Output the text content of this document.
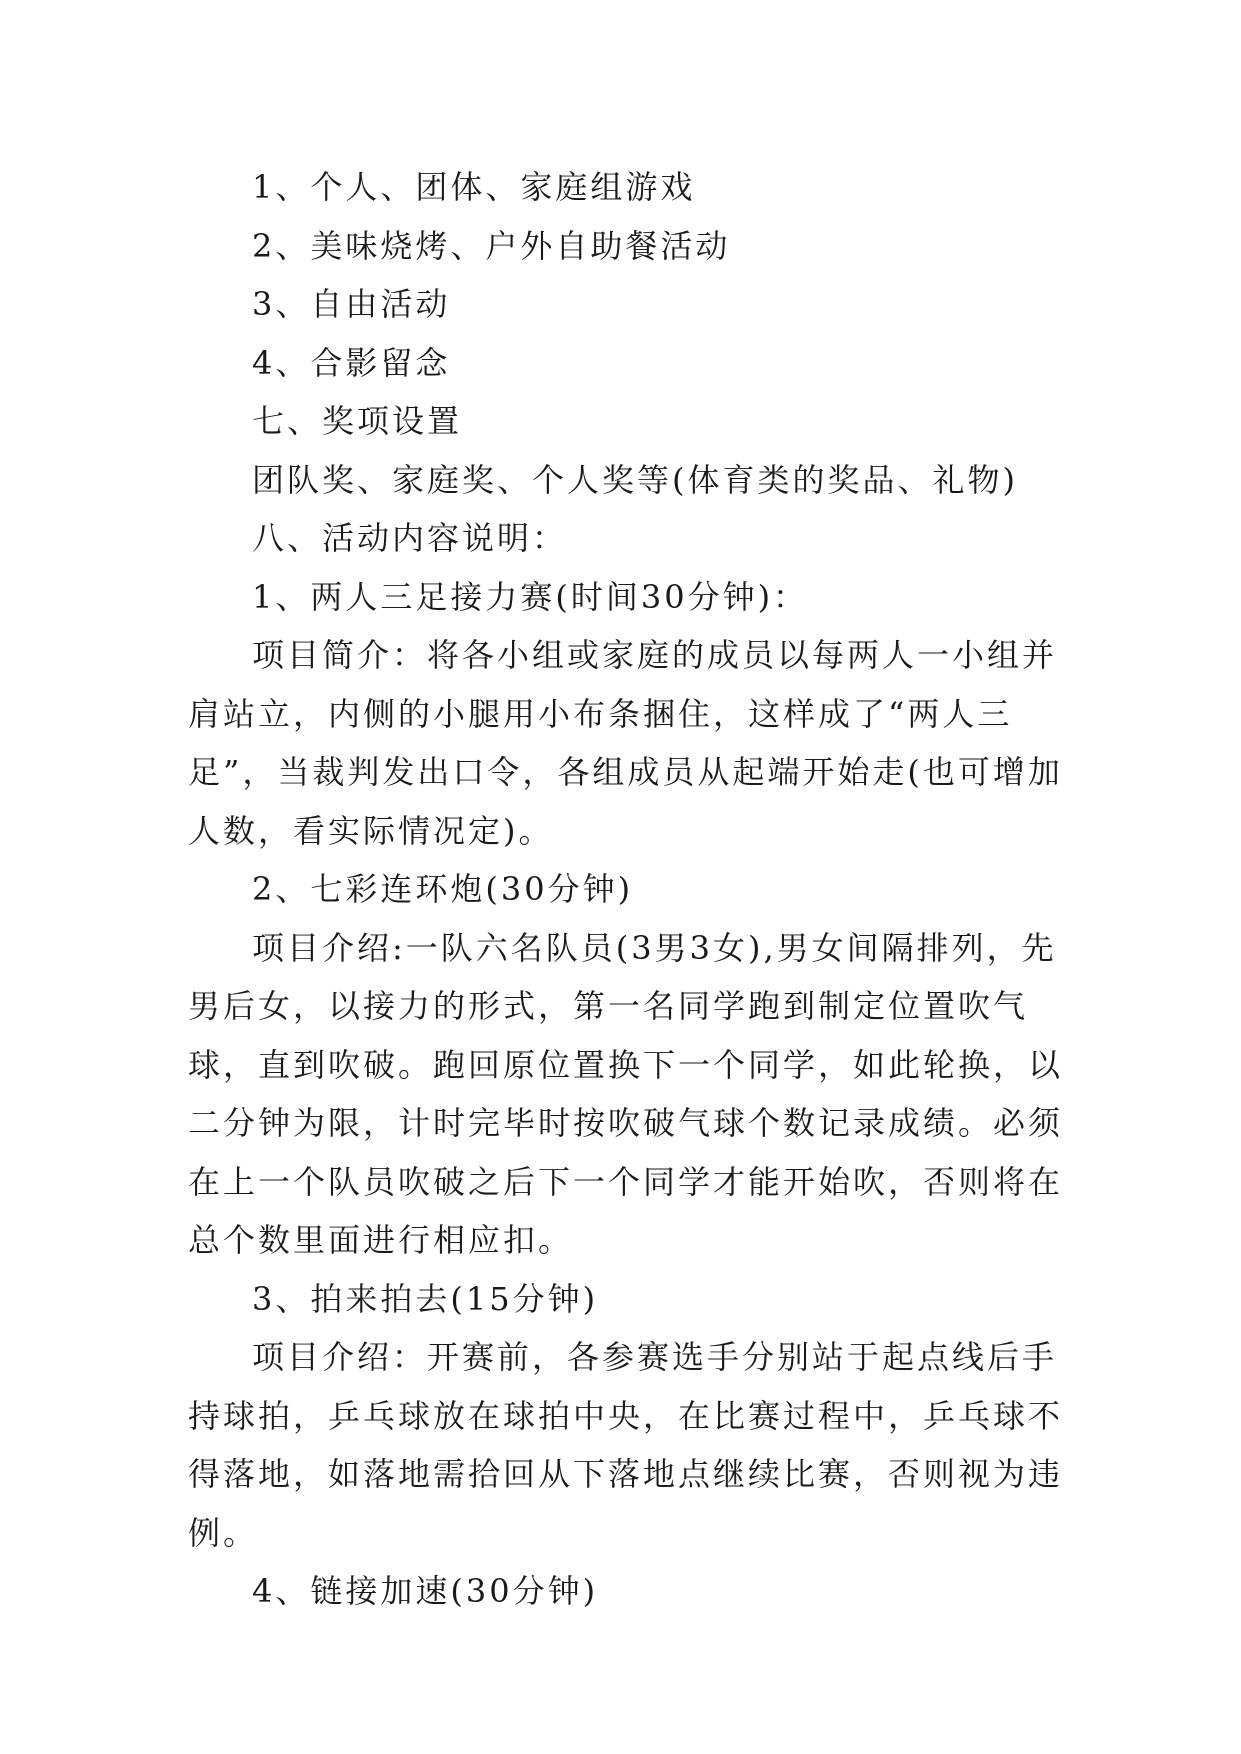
1、个人、团体、家庭组游戏

2、美味烧烤、户外自助餐活动

3、自由活动

4、合影留念

七、奖项设置

团队奖、家庭奖、个人奖等(体育类的奖品、礼物)

八、活动内容说明：

1、两人三足接力赛(时间30分钟)：

项目简介：将各小组或家庭的成员以每两人一小组并肩站立，内侧的小腿用小布条捆住，这样成了“两人三足”，当裁判发出口令，各组成员从起端开始走(也可增加人数，看实际情况定)。

2、七彩连环炮(30分钟)

项目介绍:一队六名队员(3男3女),男女间隔排列，先男后女，以接力的形式，第一名同学跑到制定位置吹气球，直到吹破。跑回原位置换下一个同学，如此轮换，以二分钟为限，计时完毕时按吹破气球个数记录成绩。必须在上一个队员吹破之后下一个同学才能开始吹，否则将在总个数里面进行相应扣。

3、拍来拍去(15分钟)

项目介绍：开赛前，各参赛选手分别站于起点线后手持球拍，乒乓球放在球拍中央，在比赛过程中，乒乓球不得落地，如落地需拾回从下落地点继续比赛，否则视为违例。

4、链接加速(30分钟)
